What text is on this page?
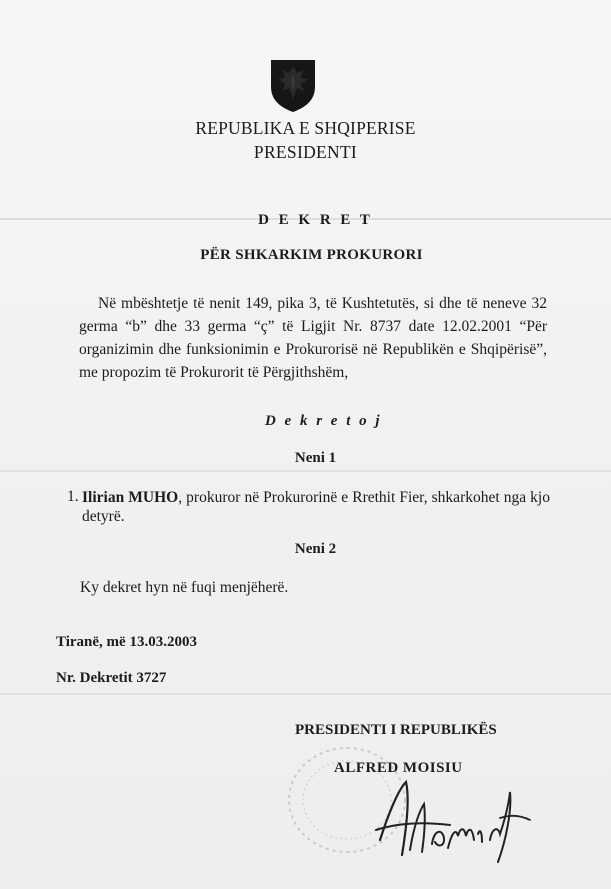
REPUBLIKA E SHQIPERISE
PRESIDENTI
D E K R E T
PËR SHKARKIM PROKURORI
Në mbështetje të nenit 149, pika 3, të Kushtetutës, si dhe të neneve 32
germa “b” dhe 33 germa “ç” të Ligjit Nr. 8737 date 12.02.2001 “Për
organizimin dhe funksionimin e Prokurorisë në Republikën e Shqipërisë”,
me propozim të Prokurorit të Përgjithshëm,
D e k r e t o j
Neni 1
1. Ilirian MUHO, prokuror në Prokurorinë e Rrethit Fier, shkarkohet nga kjo detyrë.
Neni 2
Ky dekret hyn në fuqi menjëherë.
Tiranë, më 13.03.2003
Nr. Dekretit 3727
PRESIDENTI I REPUBLIKËS
ALFRED MOISIU
